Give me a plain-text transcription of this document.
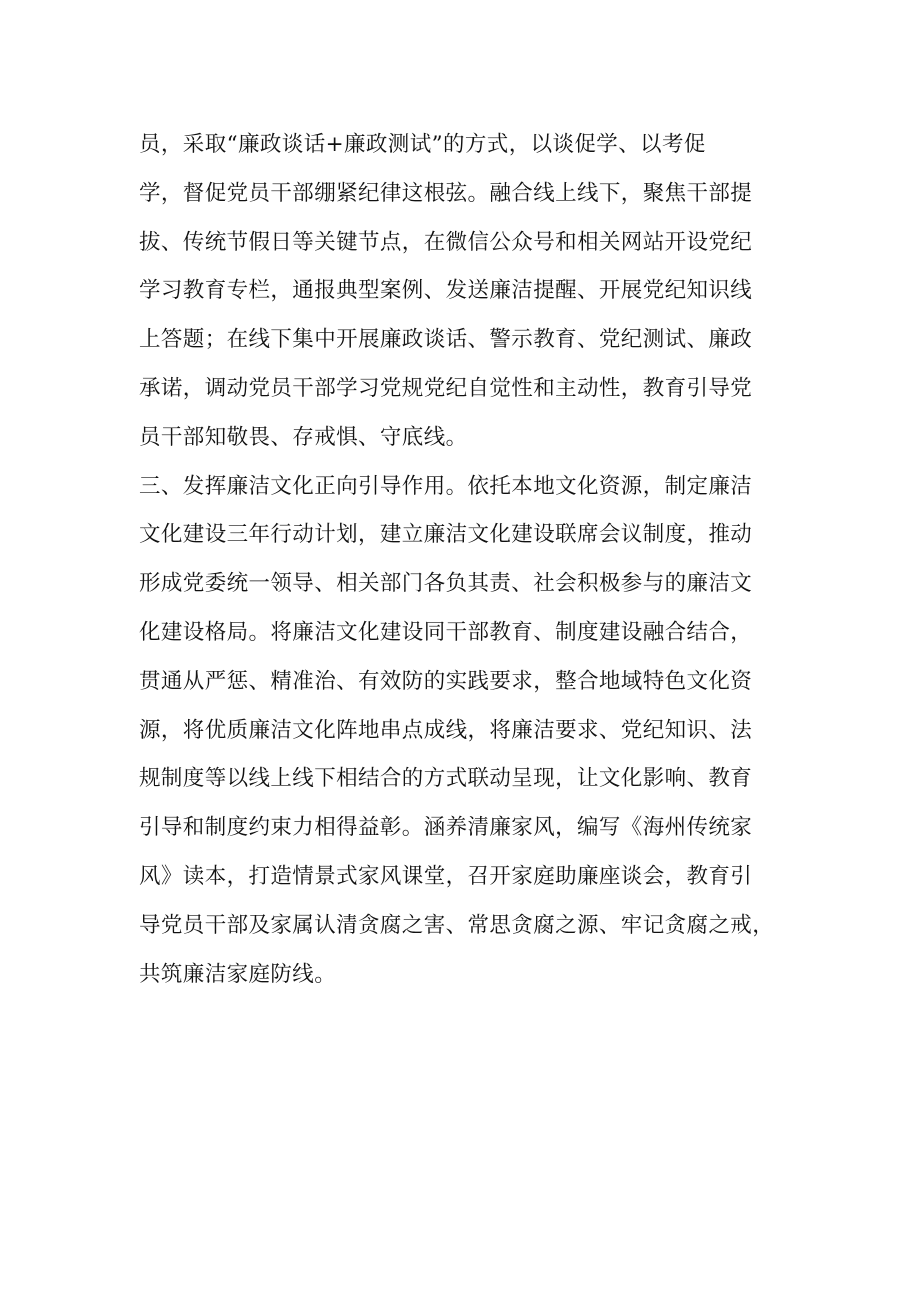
员，采取“廉政谈话+廉政测试”的方式，以谈促学、以考促
学，督促党员干部绷紧纪律这根弦。融合线上线下，聚焦干部提
拔、传统节假日等关键节点，在微信公众号和相关网站开设党纪
学习教育专栏，通报典型案例、发送廉洁提醒、开展党纪知识线
上答题；在线下集中开展廉政谈话、警示教育、党纪测试、廉政
承诺，调动党员干部学习党规党纪自觉性和主动性，教育引导党
员干部知敬畏、存戒惧、守底线。
三、发挥廉洁文化正向引导作用。依托本地文化资源，制定廉洁
文化建设三年行动计划，建立廉洁文化建设联席会议制度，推动
形成党委统一领导、相关部门各负其责、社会积极参与的廉洁文
化建设格局。将廉洁文化建设同干部教育、制度建设融合结合，
贯通从严惩、精准治、有效防的实践要求，整合地域特色文化资
源，将优质廉洁文化阵地串点成线，将廉洁要求、党纪知识、法
规制度等以线上线下相结合的方式联动呈现，让文化影响、教育
引导和制度约束力相得益彰。涵养清廉家风，编写《海州传统家
风》读本，打造情景式家风课堂，召开家庭助廉座谈会，教育引
导党员干部及家属认清贪腐之害、常思贪腐之源、牢记贪腐之戒，
共筑廉洁家庭防线。
